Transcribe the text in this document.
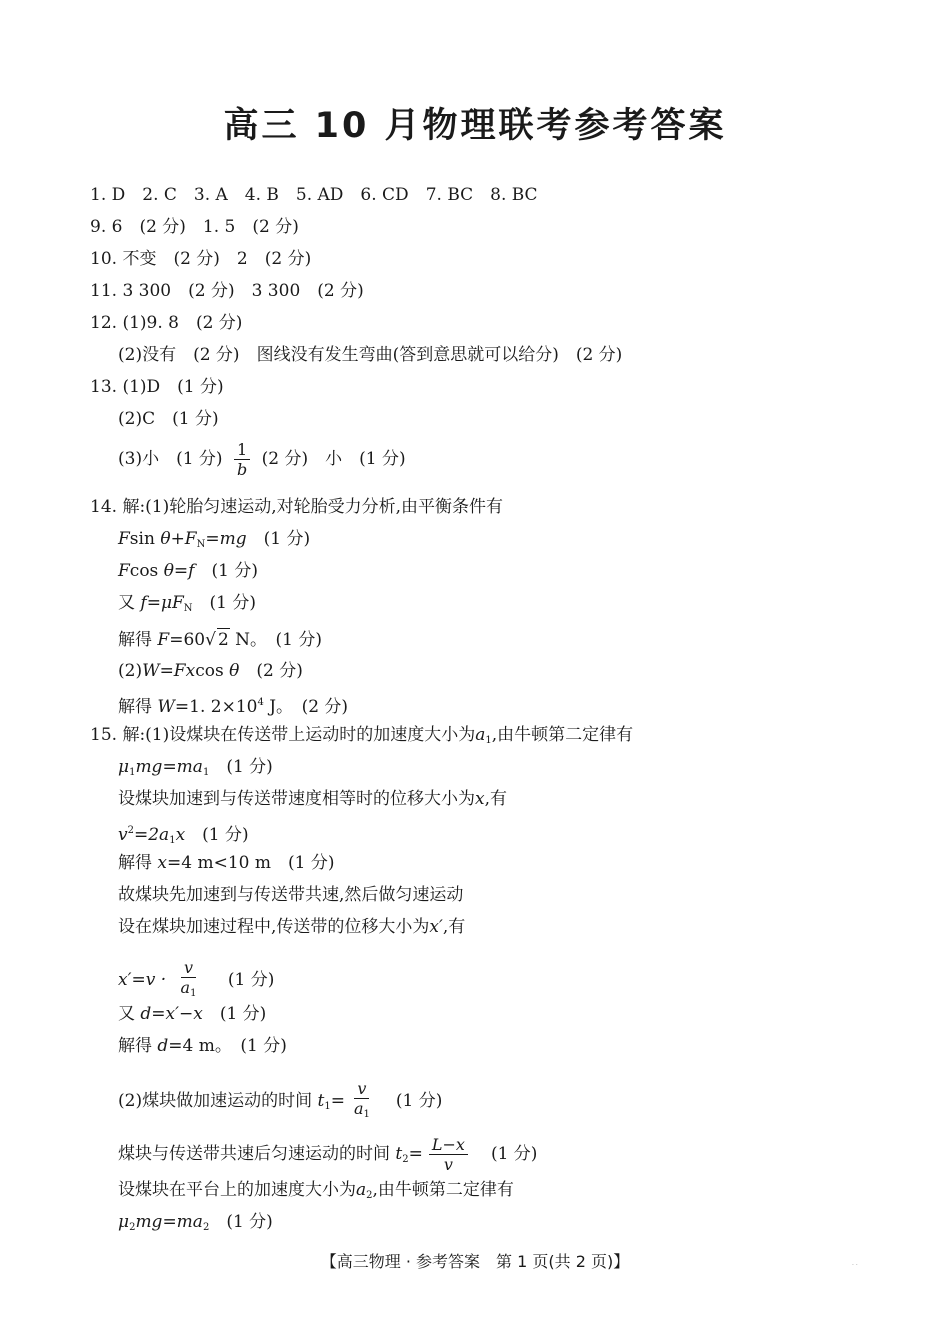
高三 10 月物理联考参考答案
1. D　2. C　3. A　4. B　5. AD　6. CD　7. BC　8. BC
9. 6　(2 分)　1. 5　(2 分)
10. 不变　(2 分)　2　(2 分)
11. 3 300　(2 分)　3 300　(2 分)
12. (1)9. 8　(2 分)
(2)没有　(2 分)　图线没有发生弯曲(答到意思就可以给分)　(2 分)
13. (1)D　(1 分)
(2)C　(1 分)
(3)小　(1 分) $\frac{1}{b} (2$ 分)　小　(1 分)
14. 解:(1)轮胎匀速运动,对轮胎受力分析,由平衡条件有
Fsin $\theta+F_N=mg$　 (1 分)
Fcos θ=f　 (1 分)
又 $f=\mu F_N$　 (1 分)
解得 F=60√ 2 N。　 (1 分)
(2)W=Fxcos θ　 (2 分)
解得 W=1. $2\times 10^4$ J。　 (2 分)
15. 解:(1)设煤块在传送带上运动时的加速度大小为$a_1$,由牛顿第二定律有
$\mu_1mg=ma_1$　 (1 分)
设煤块加速到与传送带速度相等时的位移大小为x,有
$v^2=2a_1x$　 (1 分)
解得 x=4 m<10 m　 (1 分)
故煤块先加速到与传送带共速,然后做匀速运动
设在煤块加速过程中,传送带的位移大小为x′,有
$x'=v \cdot \frac{v}{a_1}$
　 (1 分)
又 d=x′−x　 (1 分)
解得 d=4 m。　 (1 分)
(2)煤块做加速运动的时间 $t_1= \frac{v}{a_1}$
　 (1 分)
煤块与传送带共速后匀速运动的时间 $t_2= \frac{L-x}{v}$
　 (1 分)
设煤块在平台上的加速度大小为$a_2$,由牛顿第二定律有
$\mu_2mg=ma_2$　 (1 分)
【高三物理 · 参考答案　第 1 页(共 2 页)】	· ·
